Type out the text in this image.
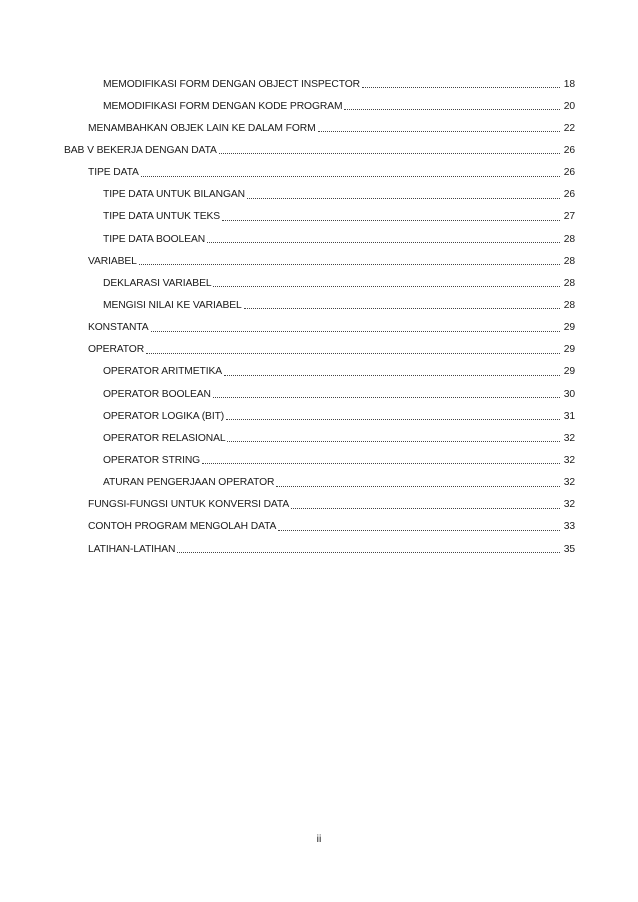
MEMODIFIKASI FORM DENGAN OBJECT INSPECTOR	18
MEMODIFIKASI FORM DENGAN KODE PROGRAM	20
MENAMBAHKAN OBJEK LAIN KE DALAM FORM	22
BAB V BEKERJA DENGAN DATA	26
TIPE DATA	26
TIPE DATA UNTUK BILANGAN	26
TIPE DATA UNTUK TEKS	27
TIPE DATA BOOLEAN	28
VARIABEL	28
DEKLARASI VARIABEL	28
MENGISI NILAI KE VARIABEL	28
KONSTANTA	29
OPERATOR	29
OPERATOR ARITMETIKA	29
OPERATOR BOOLEAN	30
OPERATOR LOGIKA (BIT)	31
OPERATOR RELASIONAL	32
OPERATOR STRING	32
ATURAN PENGERJAAN OPERATOR	32
FUNGSI-FUNGSI UNTUK KONVERSI DATA	32
CONTOH PROGRAM MENGOLAH DATA	33
LATIHAN-LATIHAN	35
ii
